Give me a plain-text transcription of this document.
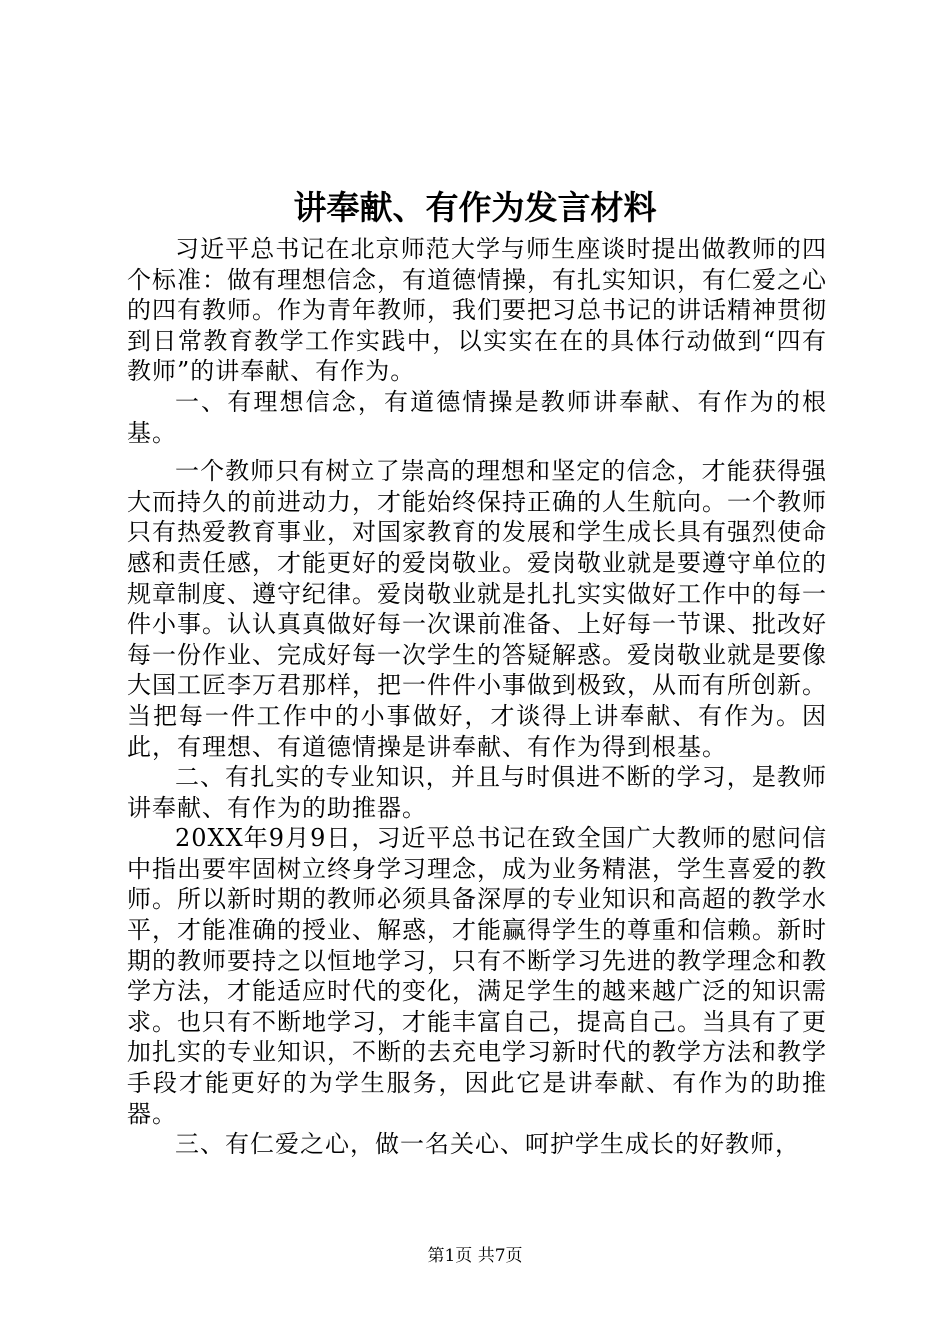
讲奉献、有作为发言材料

习近平总书记在北京师范大学与师生座谈时提出做教师的四个标准：做有理想信念，有道德情操，有扎实知识，有仁爱之心的四有教师。作为青年教师，我们要把习总书记的讲话精神贯彻到日常教育教学工作实践中，以实实在在的具体行动做到“四有教师”的讲奉献、有作为。

一、有理想信念，有道德情操是教师讲奉献、有作为的根基。

一个教师只有树立了崇高的理想和坚定的信念，才能获得强大而持久的前进动力，才能始终保持正确的人生航向。一个教师只有热爱教育事业，对国家教育的发展和学生成长具有强烈使命感和责任感，才能更好的爱岗敬业。爱岗敬业就是要遵守单位的规章制度、遵守纪律。爱岗敬业就是扎扎实实做好工作中的每一件小事。认认真真做好每一次课前准备、上好每一节课、批改好每一份作业、完成好每一次学生的答疑解惑。爱岗敬业就是要像大国工匠李万君那样，把一件件小事做到极致，从而有所创新。当把每一件工作中的小事做好，才谈得上讲奉献、有作为。因此，有理想、有道德情操是讲奉献、有作为得到根基。

二、有扎实的专业知识，并且与时俱进不断的学习，是教师讲奉献、有作为的助推器。

20XX年9月9日，习近平总书记在致全国广大教师的慰问信中指出要牢固树立终身学习理念，成为业务精湛，学生喜爱的教师。所以新时期的教师必须具备深厚的专业知识和高超的教学水平，才能准确的授业、解惑，才能赢得学生的尊重和信赖。新时期的教师要持之以恒地学习，只有不断学习先进的教学理念和教学方法，才能适应时代的变化，满足学生的越来越广泛的知识需求。也只有不断地学习，才能丰富自己，提高自己。当具有了更加扎实的专业知识，不断的去充电学习新时代的教学方法和教学手段才能更好的为学生服务，因此它是讲奉献、有作为的助推器。

三、有仁爱之心，做一名关心、呵护学生成长的好教师，

第1页 共7页
